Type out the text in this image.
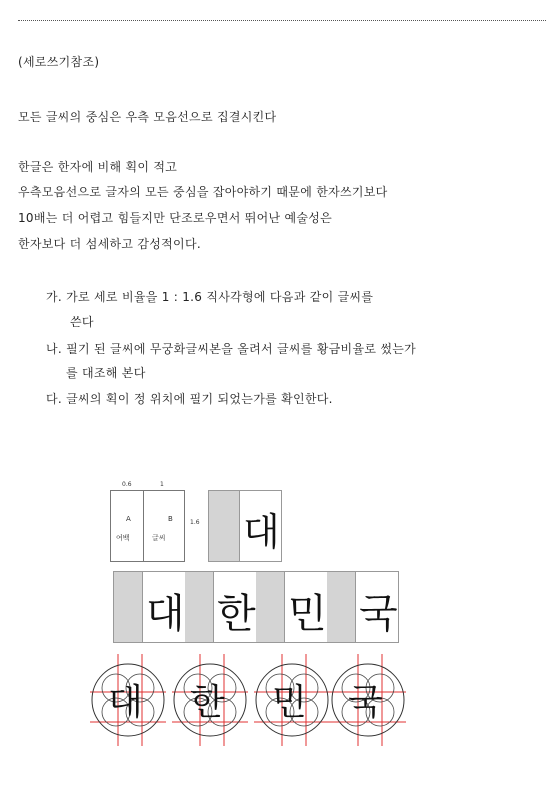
(세로쓰기참조)
모든 글씨의 중심은 우측 모음선으로 집결시킨다
한글은 한자에 비해 획이 적고
우측모음선으로 글자의 모든 중심을 잡아야하기 때문에 한자쓰기보다
10배는 더 어렵고 힘들지만 단조로우면서 뛰어난 예술성은
한자보다 더 섬세하고 감성적이다.
가. 가로 세로 비율을 1 : 1.6 직사각형에 다음과 같이 글씨를
쓴다
나. 필기 된 글씨에 무궁화글씨본을 올려서 글씨를 황금비율로 썼는가
를 대조해 본다
다. 글씨의 획이 정 위치에 필기 되었는가를 확인한다.
0.6	1
A
여백
B
글씨
1.6 대
대 한 민 국
대 한 민 국
